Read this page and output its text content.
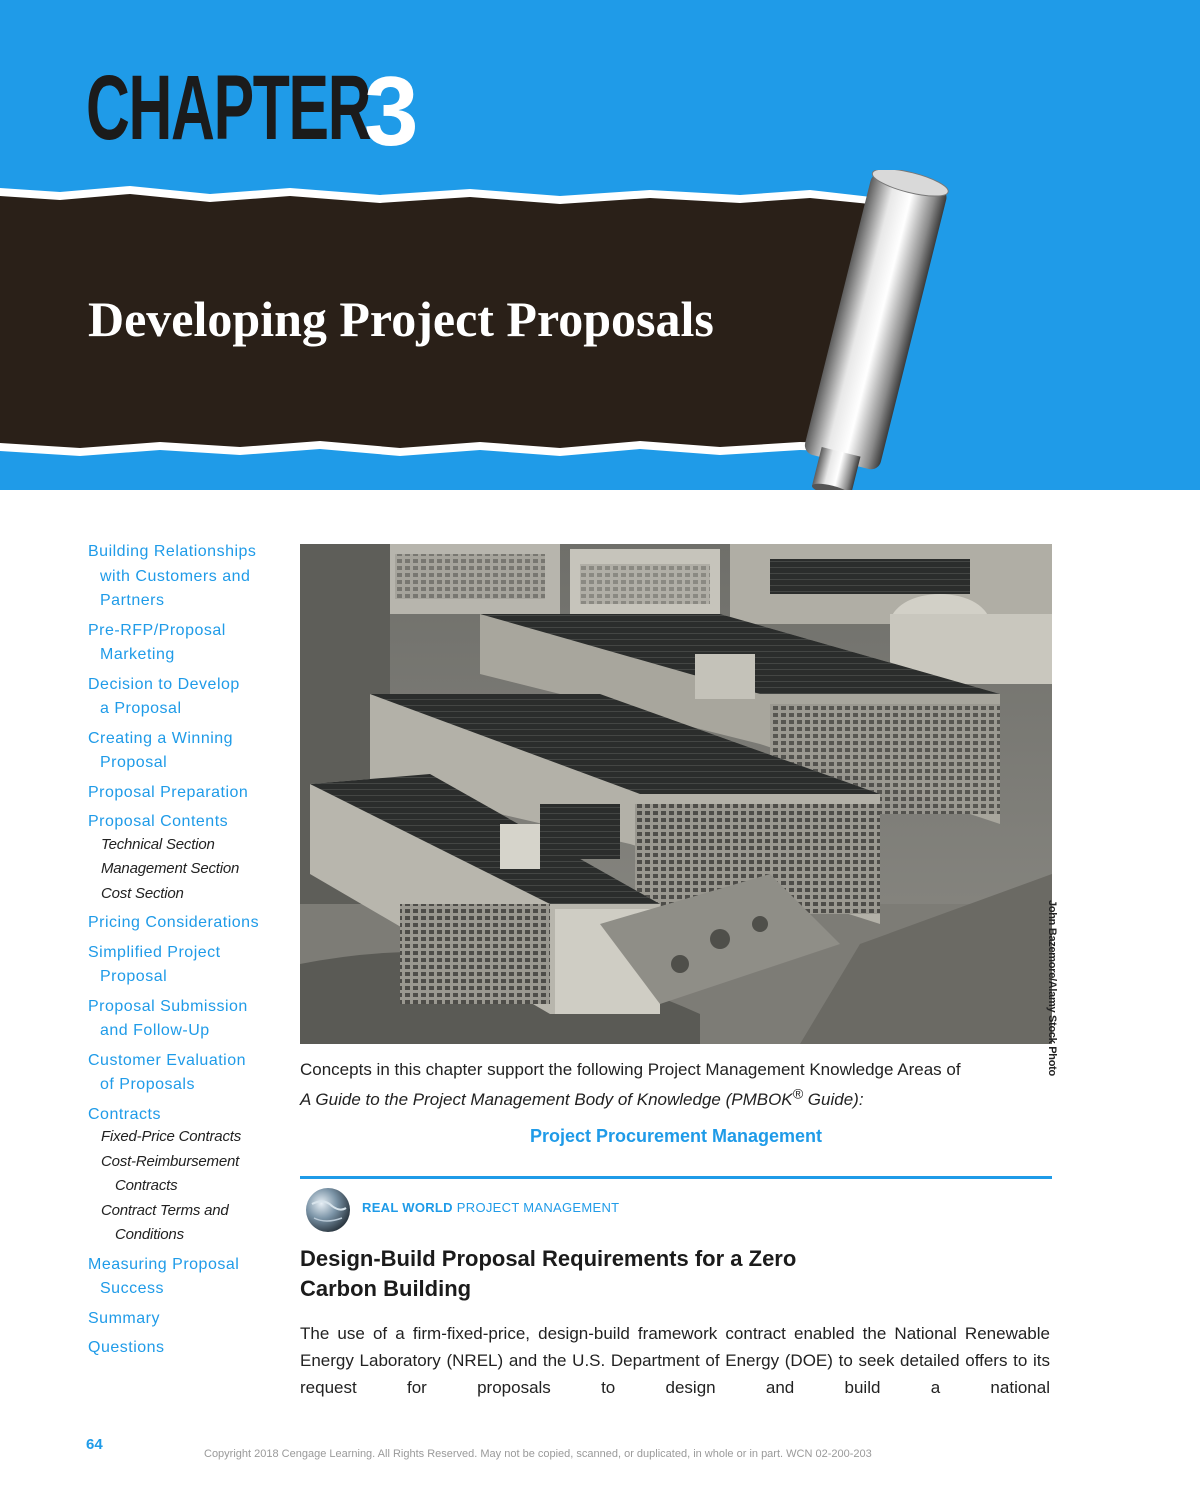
CHAPTER
3
Developing Project Proposals
Building Relationships
with Customers and
Partners
Pre-RFP/Proposal
Marketing
Decision to Develop
a Proposal
Creating a Winning
Proposal
Proposal Preparation
Proposal Contents
Technical Section
Management Section
Cost Section
Pricing Considerations
Simplified Project
Proposal
Proposal Submission
and Follow-Up
Customer Evaluation
of Proposals
Contracts
Fixed-Price Contracts
Cost-Reimbursement
Contracts
Contract Terms and
Conditions
Measuring Proposal
Success
Summary
Questions
John Bazemore/Alamy Stock Photo

Concepts in this chapter support the following Project Management Knowledge Areas of
A Guide to the Project Management Body of Knowledge (PMBOK® Guide):

Project Procurement Management

REAL WORLD PROJECT MANAGEMENT

Design-Build Proposal Requirements for a Zero
Carbon Building

The use of a firm-fixed-price, design-build framework contract enabled the National Renewable Energy Laboratory (NREL) and the U.S. Department of Energy (DOE) to seek detailed offers to its request for proposals to design and build a national

64

Copyright 2018 Cengage Learning. All Rights Reserved. May not be copied, scanned, or duplicated, in whole or in part. WCN 02-200-203
